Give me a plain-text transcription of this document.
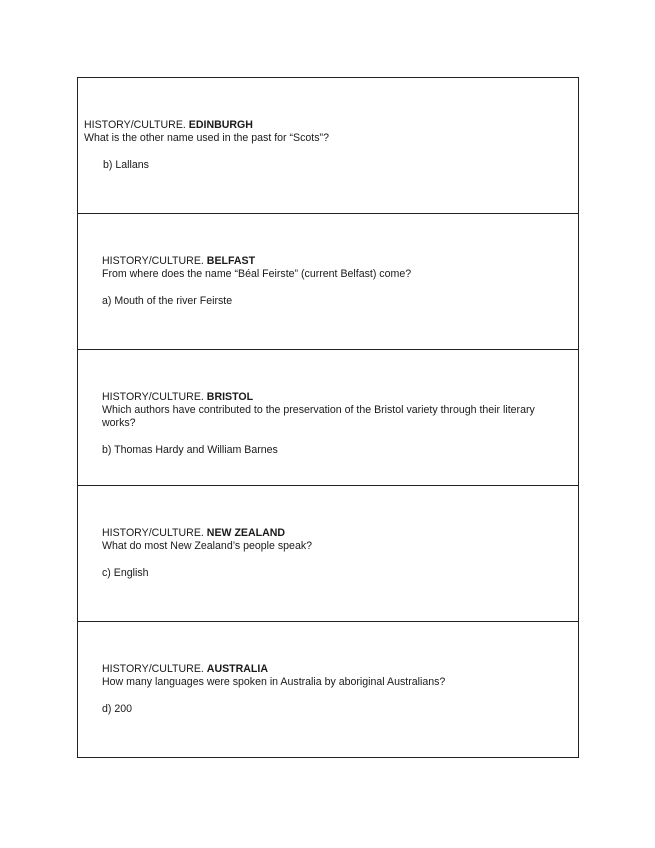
HISTORY/CULTURE. EDINBURGH
What is the other name used in the past for “Scots”?
b) Lallans
HISTORY/CULTURE. BELFAST
From where does the name “Béal Feirste” (current Belfast) come?
a) Mouth of the river Feirste
HISTORY/CULTURE. BRISTOL
Which authors have contributed to the preservation of the Bristol variety through their literary works?
b) Thomas Hardy and William Barnes
HISTORY/CULTURE. NEW ZEALAND
What do most New Zealand’s people speak?
c) English
HISTORY/CULTURE. AUSTRALIA
How many languages were spoken in Australia by aboriginal Australians?
d) 200
